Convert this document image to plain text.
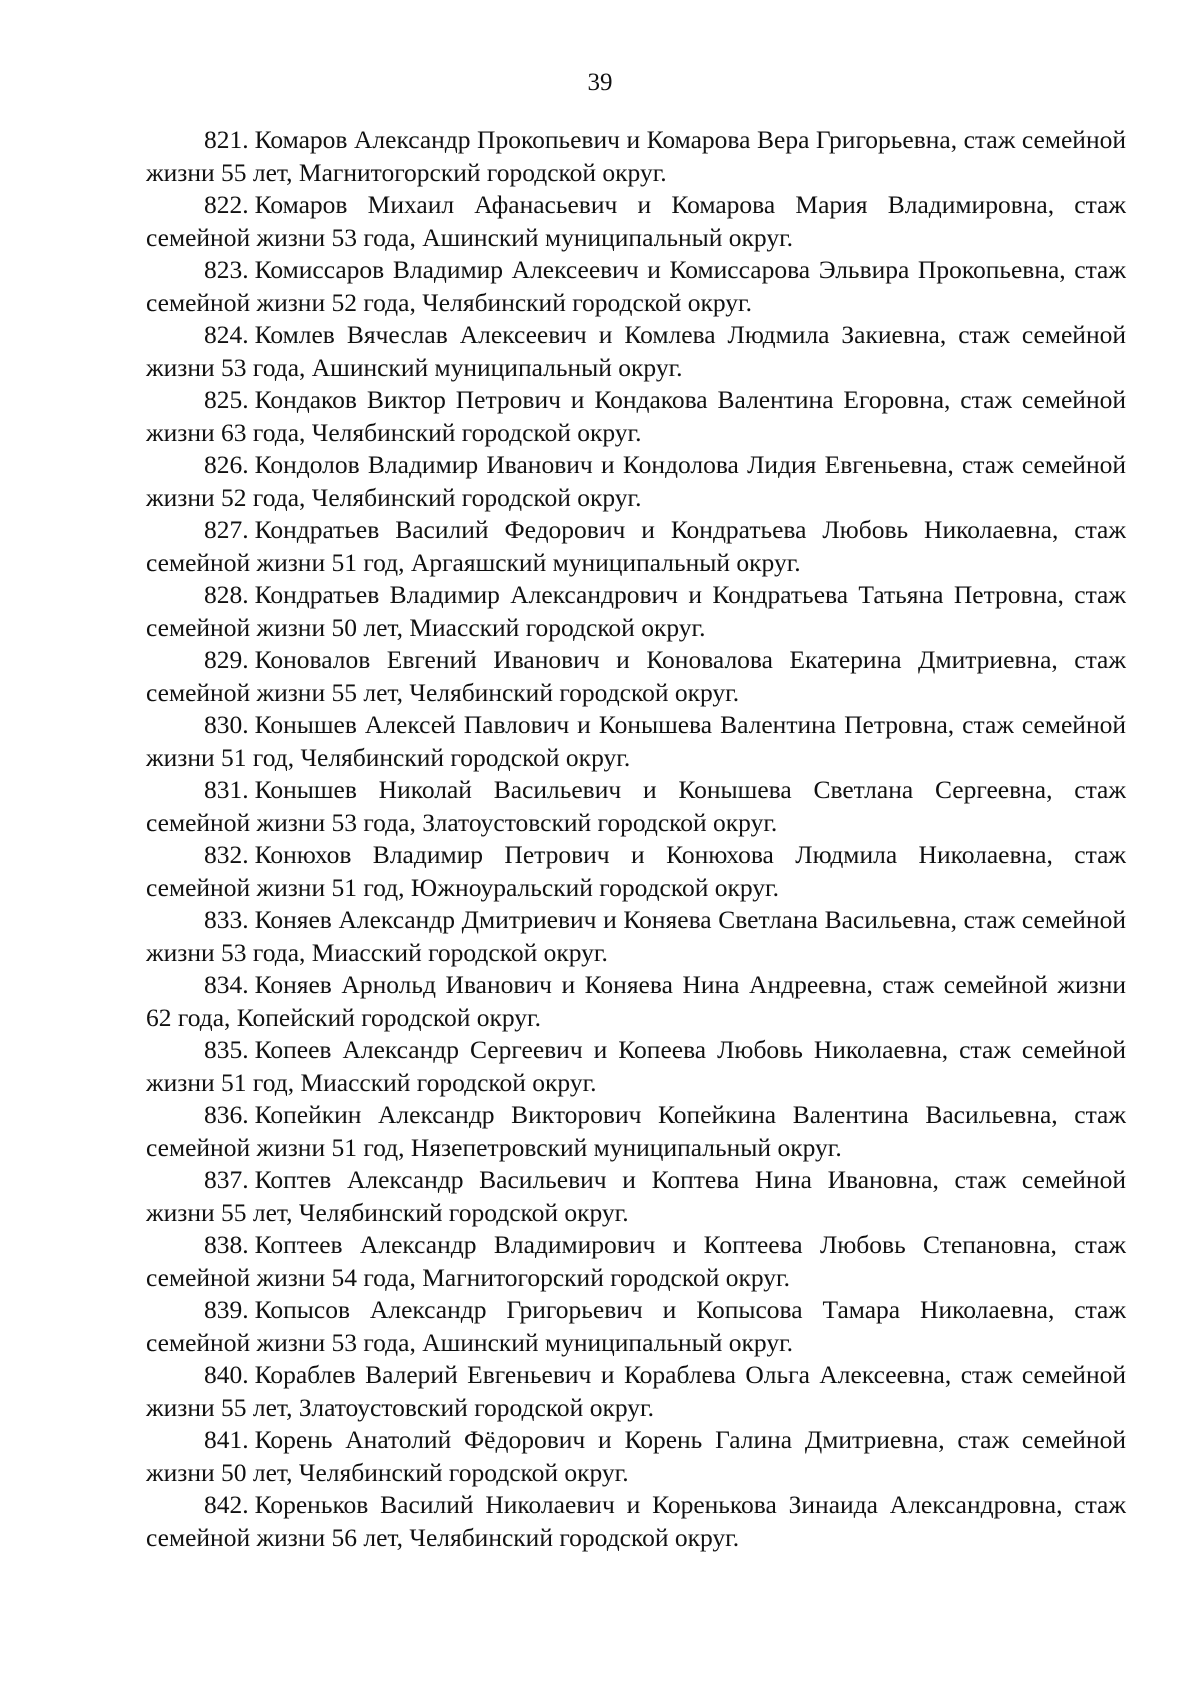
39

821. Комаров Александр Прокопьевич и Комарова Вера Григорьевна, стаж семейной жизни 55 лет, Магнитогорский городской округ.

822. Комаров Михаил Афанасьевич и Комарова Мария Владимировна, стаж семейной жизни 53 года, Ашинский муниципальный округ.

823. Комиссаров Владимир Алексеевич и Комиссарова Эльвира Прокопьевна, стаж семейной жизни 52 года, Челябинский городской округ.

824. Комлев Вячеслав Алексеевич и Комлева Людмила Закиевна, стаж семейной жизни 53 года, Ашинский муниципальный округ.

825. Кондаков Виктор Петрович и Кондакова Валентина Егоровна, стаж семейной жизни 63 года, Челябинский городской округ.

826. Кондолов Владимир Иванович и Кондолова Лидия Евгеньевна, стаж семейной жизни 52 года, Челябинский городской округ.

827. Кондратьев Василий Федорович и Кондратьева Любовь Николаевна, стаж семейной жизни 51 год, Аргаяшский муниципальный округ.

828. Кондратьев Владимир Александрович и Кондратьева Татьяна Петровна, стаж семейной жизни 50 лет, Миасский городской округ.

829. Коновалов Евгений Иванович и Коновалова Екатерина Дмитриевна, стаж семейной жизни 55 лет, Челябинский городской округ.

830. Конышев Алексей Павлович и Конышева Валентина Петровна, стаж семейной жизни 51 год, Челябинский городской округ.

831. Конышев Николай Васильевич и Конышева Светлана Сергеевна, стаж семейной жизни 53 года, Златоустовский городской округ.

832. Конюхов Владимир Петрович и Конюхова Людмила Николаевна, стаж семейной жизни 51 год, Южноуральский городской округ.

833. Коняев Александр Дмитриевич и Коняева Светлана Васильевна, стаж семейной жизни 53 года, Миасский городской округ.

834. Коняев Арнольд Иванович и Коняева Нина Андреевна, стаж семейной жизни 62 года, Копейский городской округ.

835. Копеев Александр Сергеевич и Копеева Любовь Николаевна, стаж семейной жизни 51 год, Миасский городской округ.

836. Копейкин Александр Викторович Копейкина Валентина Васильевна, стаж семейной жизни 51 год, Нязепетровский муниципальный округ.

837. Коптев Александр Васильевич и Коптева Нина Ивановна, стаж семейной жизни 55 лет, Челябинский городской округ.

838. Коптеев Александр Владимирович и Коптеева Любовь Степановна, стаж семейной жизни 54 года, Магнитогорский городской округ.

839. Копысов Александр Григорьевич и Копысова Тамара Николаевна, стаж семейной жизни 53 года, Ашинский муниципальный округ.

840. Кораблев Валерий Евгеньевич и Кораблева Ольга Алексеевна, стаж семейной жизни 55 лет, Златоустовский городской округ.

841. Корень Анатолий Фёдорович и Корень Галина Дмитриевна, стаж семейной жизни 50 лет, Челябинский городской округ.

842. Кореньков Василий Николаевич и Коренькова Зинаида Александровна, стаж семейной жизни 56 лет, Челябинский городской округ.
